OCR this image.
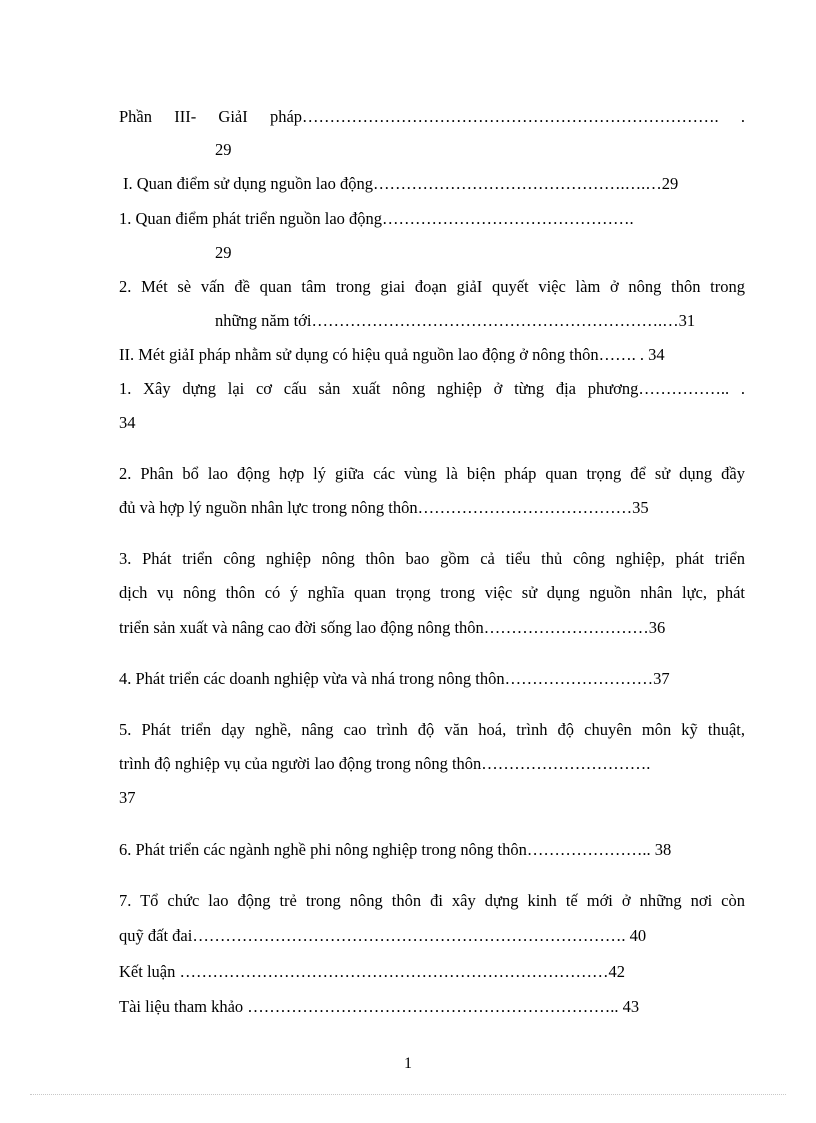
Phần III- GiảI pháp…………………………………………………………………. .
29
I. Quan điểm sử dụng nguồn lao động……………………………………….….…29
1. Quan điểm phát triển nguồn lao động……………………………………….
29
2. Mét sè vấn đề quan tâm trong giai đoạn giảI quyết việc làm ở nông thôn trong
những năm tới……………………………………………………….…31
II. Mét giảI pháp nhằm sử dụng có hiệu quả nguồn lao động ở nông thôn……. . 34
1. Xây dựng lại cơ cấu sản xuất nông nghiệp ở từng địa phương…………….. .
34
2. Phân bổ lao động hợp lý giữa các vùng là biện pháp quan trọng để sử dụng đầy
đủ và hợp lý nguồn nhân lực trong nông thôn…………………………………35
3. Phát triển công nghiệp nông thôn bao gồm cả tiểu thủ công nghiệp, phát triển
dịch vụ nông thôn có ý nghĩa quan trọng trong việc sử dụng nguồn nhân lực, phát
triển sản xuất và nâng cao đời sống lao động nông thôn…………………………36
4. Phát triển các doanh nghiệp vừa và nhá trong nông thôn………………………37
5. Phát triển dạy nghề, nâng cao trình độ văn hoá, trình độ chuyên môn kỹ thuật,
trình độ nghiệp vụ của người lao động trong nông thôn………………………….
37
6. Phát triển các ngành nghề phi nông nghiệp trong nông thôn………………….. 38
7. Tổ chức lao động trẻ trong nông thôn đi xây dựng kinh tế mới ở những nơi còn
quỹ đất đai……………………………………………………………………. 40
Kết luận ……………………………………………………………………42
Tài liệu tham khảo ………………………………………………………….. 43
1
